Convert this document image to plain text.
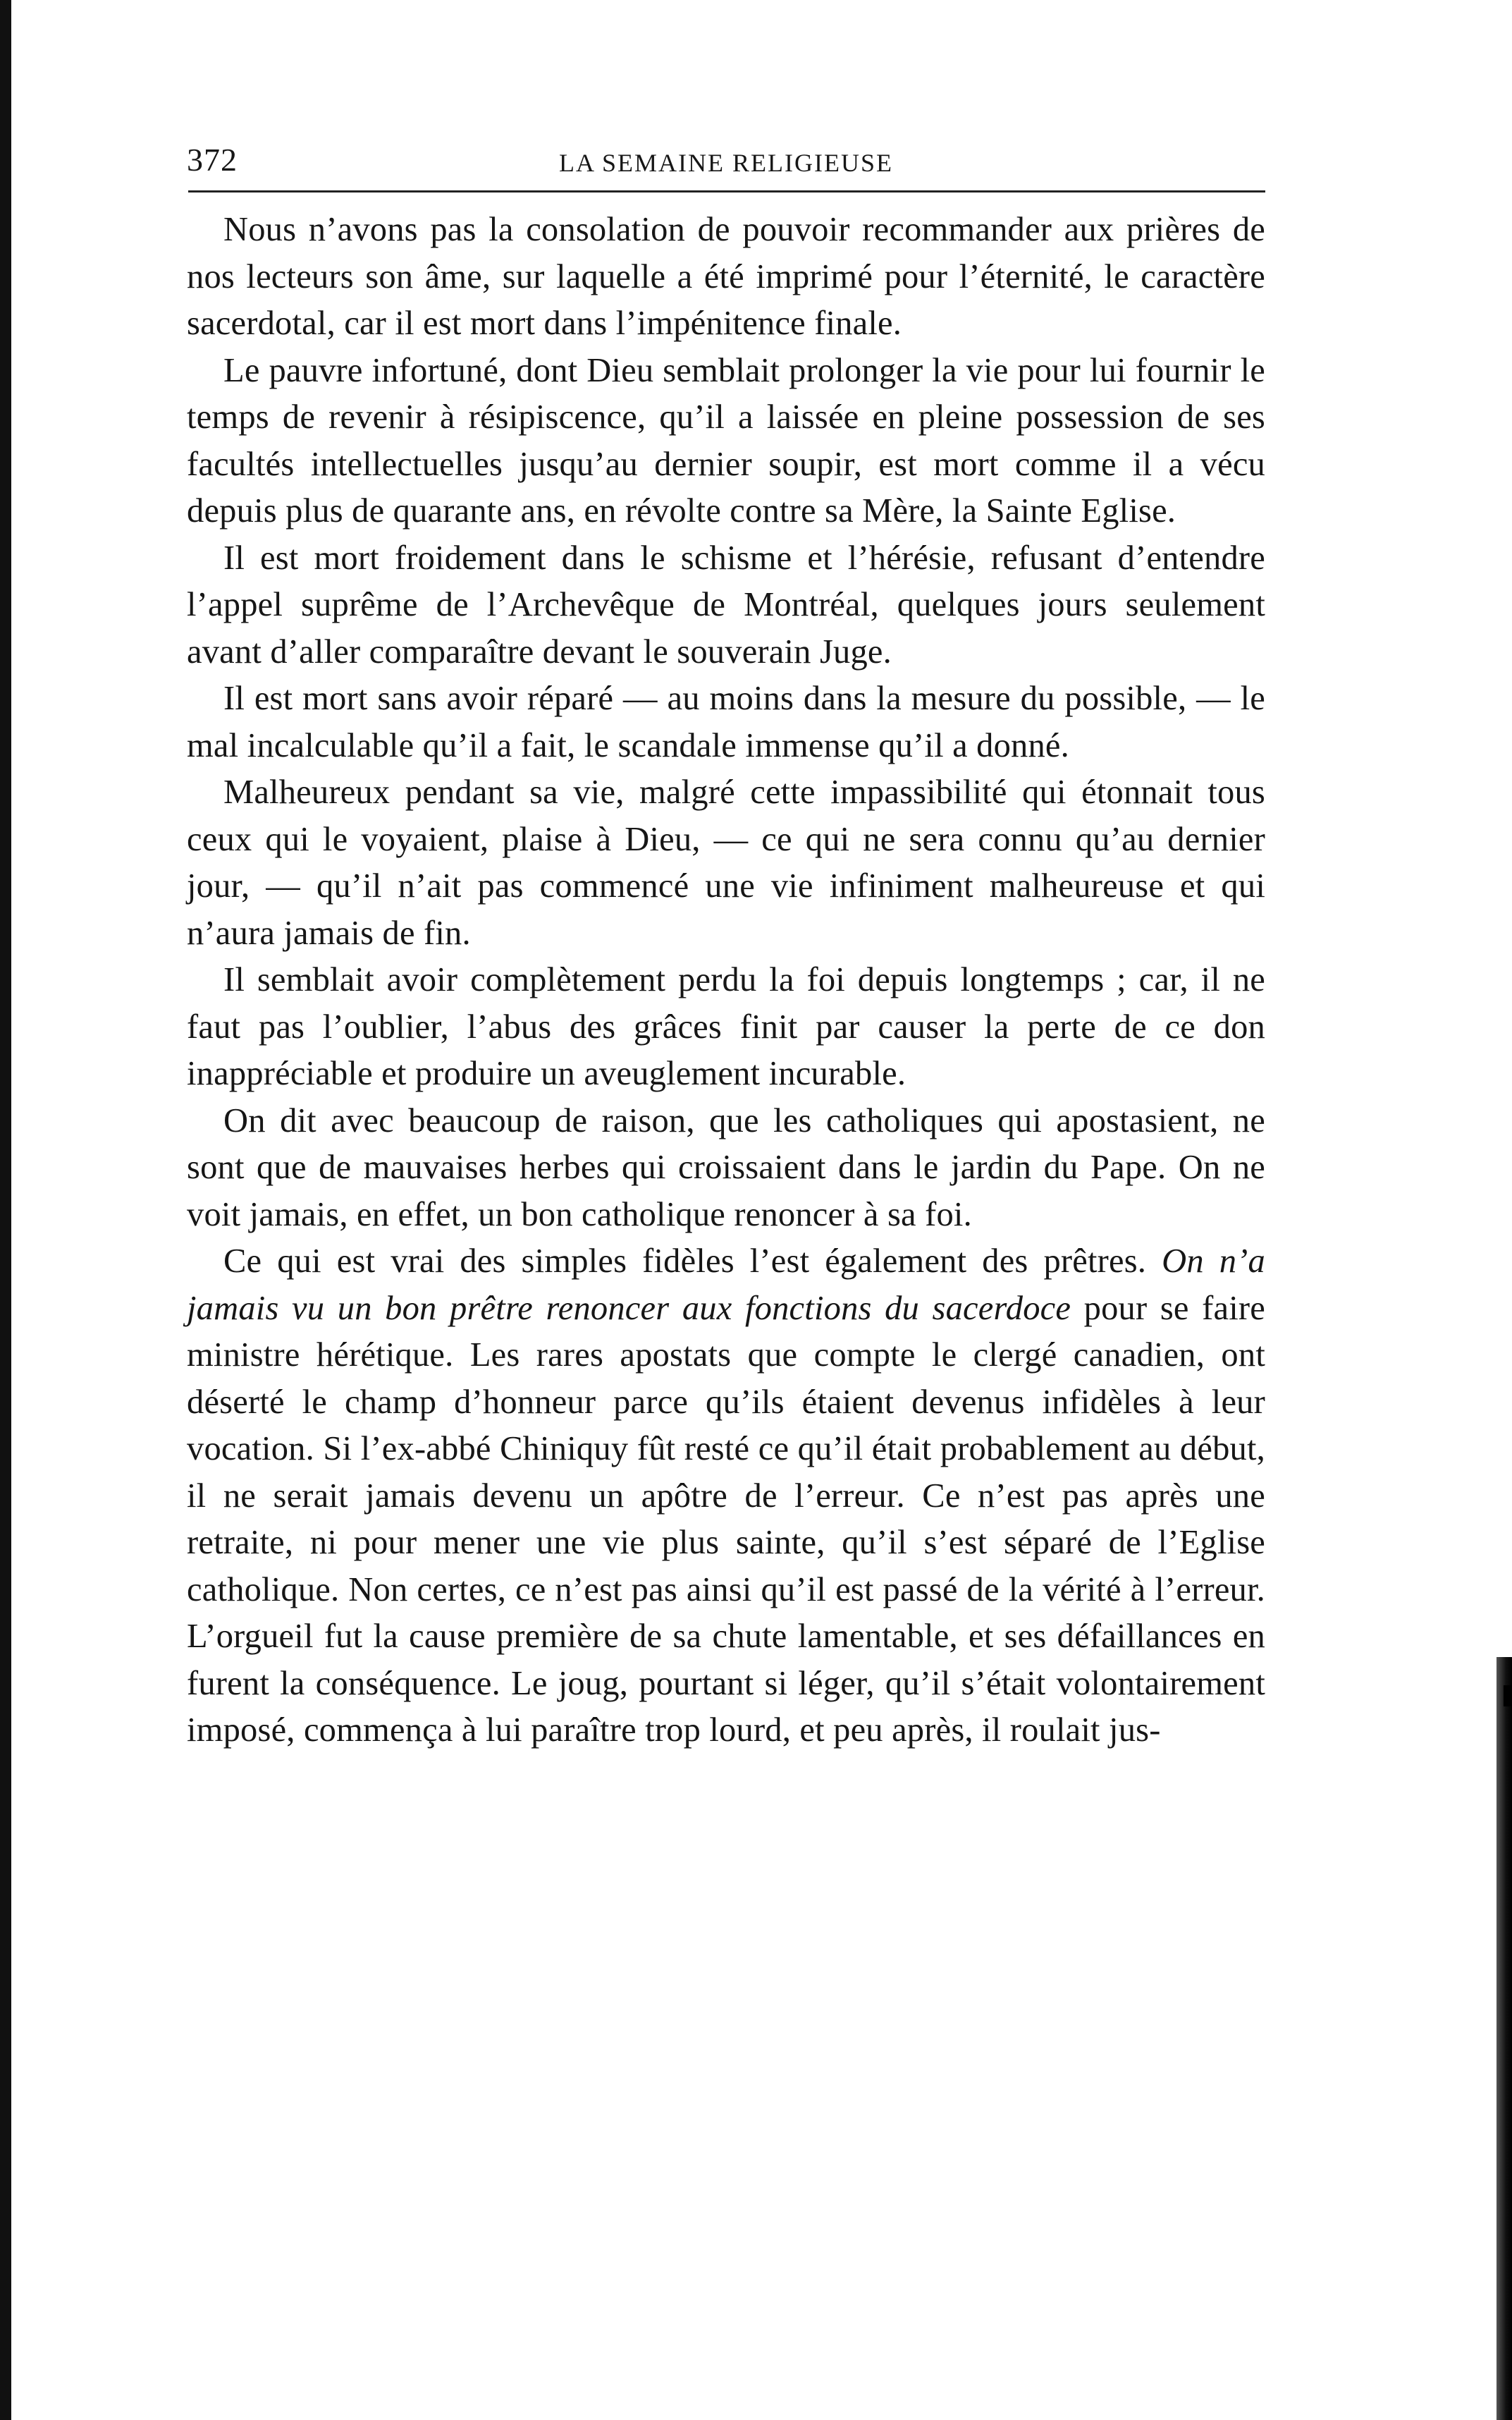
372	LA SEMAINE RELIGIEUSE

Nous n’avons pas la consolation de pouvoir recommander aux prières de nos lecteurs son âme, sur laquelle a été imprimé pour l’éternité, le caractère sacerdotal, car il est mort dans l’impénitence finale.

Le pauvre infortuné, dont Dieu semblait prolonger la vie pour lui fournir le temps de revenir à résipiscence, qu’il a laissée en pleine possession de ses facultés intellectuelles jusqu’au dernier soupir, est mort comme il a vécu depuis plus de quarante ans, en révolte contre sa Mère, la Sainte Eglise.

Il est mort froidement dans le schisme et l’hérésie, refusant d’entendre l’appel suprême de l’Archevêque de Montréal, quelques jours seulement avant d’aller comparaître devant le souverain Juge.

Il est mort sans avoir réparé — au moins dans la mesure du possible, — le mal incalculable qu’il a fait, le scandale immense qu’il a donné.

Malheureux pendant sa vie, malgré cette impassibilité qui étonnait tous ceux qui le voyaient, plaise à Dieu, — ce qui ne sera connu qu’au dernier jour, — qu’il n’ait pas commencé une vie infiniment malheureuse et qui n’aura jamais de fin.

Il semblait avoir complètement perdu la foi depuis longtemps ; car, il ne faut pas l’oublier, l’abus des grâces finit par causer la perte de ce don inappréciable et produire un aveuglement incurable.

On dit avec beaucoup de raison, que les catholiques qui apostasient, ne sont que de mauvaises herbes qui croissaient dans le jardin du Pape. On ne voit jamais, en effet, un bon catholique renoncer à sa foi.

Ce qui est vrai des simples fidèles l’est également des prêtres. On n’a jamais vu un bon prêtre renoncer aux fonctions du sacerdoce pour se faire ministre hérétique. Les rares apostats que compte le clergé canadien, ont déserté le champ d’honneur parce qu’ils étaient devenus infidèles à leur vocation. Si l’ex-abbé Chiniquy fût resté ce qu’il était probablement au début, il ne serait jamais devenu un apôtre de l’erreur. Ce n’est pas après une retraite, ni pour mener une vie plus sainte, qu’il s’est séparé de l’Eglise catholique. Non certes, ce n’est pas ainsi qu’il est passé de la vérité à l’erreur. L’orgueil fut la cause première de sa chute lamentable, et ses défaillances en furent la conséquence. Le joug, pourtant si léger, qu’il s’était volontairement imposé, commença à lui paraître trop lourd, et peu après, il roulait jus-
